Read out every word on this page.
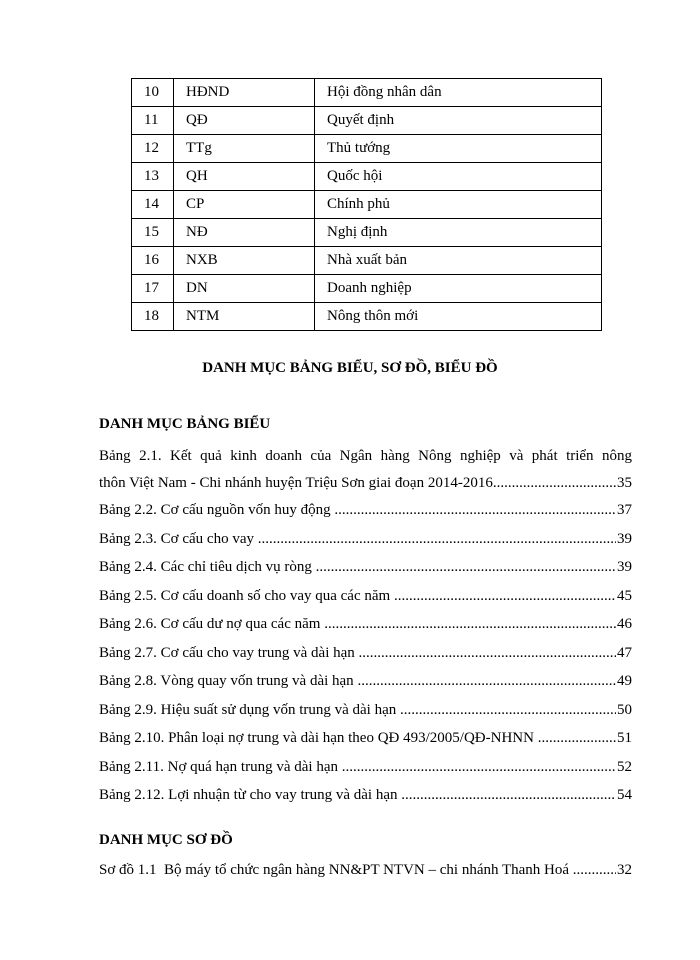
10	HĐND	Hội đồng nhân dân
11	QĐ	Quyết định
12	TTg	Thủ tướng
13	QH	Quốc hội
14	CP	Chính phủ
15	NĐ	Nghị định
16	NXB	Nhà xuất bản
17	DN	Doanh nghiệp
18	NTM	Nông thôn mới
DANH MỤC BẢNG BIỂU, SƠ ĐỒ, BIỂU ĐỒ
DANH MỤC BẢNG BIỂU
Bảng 2.1. Kết quả kinh doanh của Ngân hàng Nông nghiệp và phát triển nông
thôn Việt Nam - Chi nhánh huyện Triệu Sơn giai đoạn 2014-2016 .....	35
Bảng 2.2. Cơ cấu nguồn vốn huy động .....	37
Bảng 2.3. Cơ cấu cho vay .....	39
Bảng 2.4. Các chỉ tiêu dịch vụ ròng .....	39
Bảng 2.5. Cơ cấu doanh số cho vay qua các năm .....	45
Bảng 2.6. Cơ cấu dư nợ qua các năm .....	46
Bảng 2.7. Cơ cấu cho vay trung và dài hạn .....	47
Bảng 2.8. Vòng quay vốn trung và dài hạn .....	49
Bảng 2.9. Hiệu suất sử dụng vốn trung và dài hạn .....	50
Bảng 2.10. Phân loại nợ trung và dài hạn theo QĐ 493/2005/QĐ-NHNN .....	51
Bảng 2.11. Nợ quá hạn trung và dài hạn .....	52
Bảng 2.12. Lợi nhuận từ cho vay trung và dài hạn .....	54
DANH MỤC SƠ ĐỒ
Sơ đồ 1.1  Bộ máy tổ chức ngân hàng NN&PT NTVN – chi nhánh Thanh Hoá .....	32
